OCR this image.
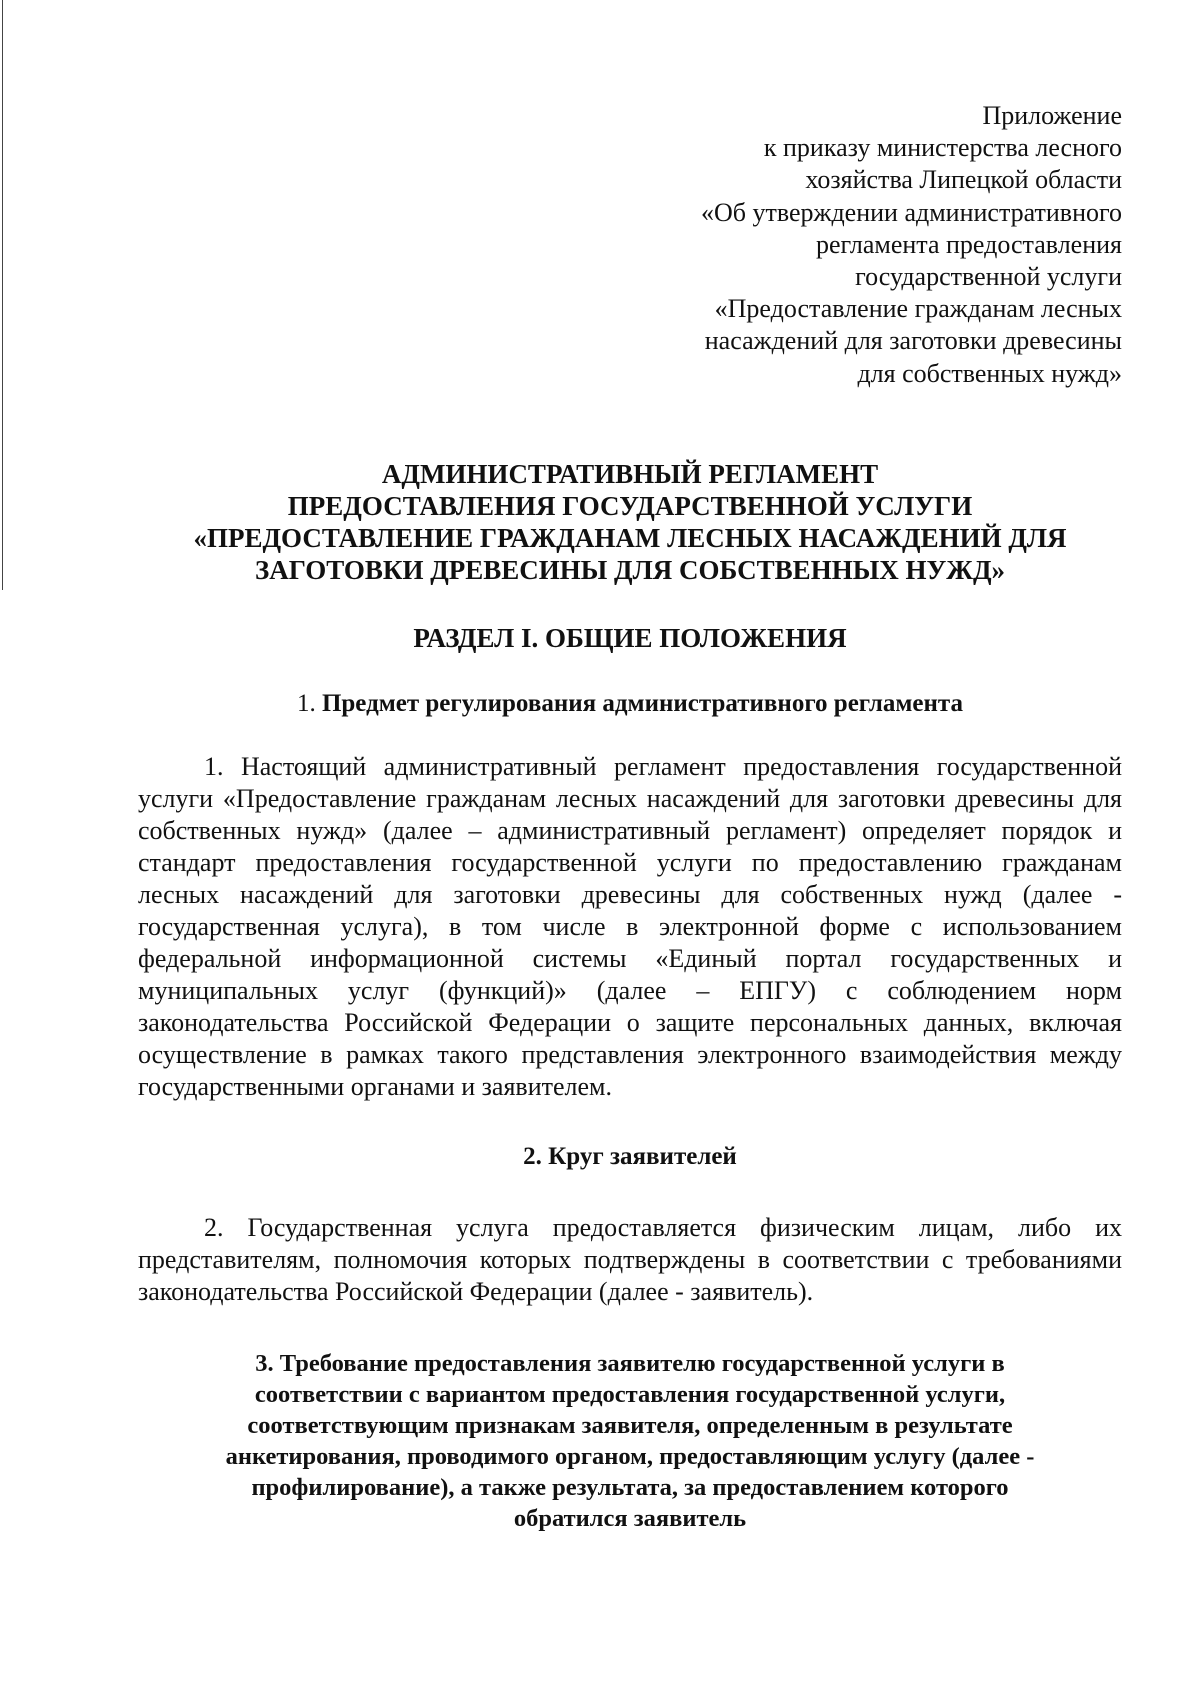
Приложение
к приказу министерства лесного
хозяйства Липецкой области
«Об утверждении административного
регламента предоставления
государственной услуги
«Предоставление гражданам лесных
насаждений для заготовки древесины
для собственных нужд»
АДМИНИСТРАТИВНЫЙ РЕГЛАМЕНТ
ПРЕДОСТАВЛЕНИЯ ГОСУДАРСТВЕННОЙ УСЛУГИ
«ПРЕДОСТАВЛЕНИЕ ГРАЖДАНАМ ЛЕСНЫХ НАСАЖДЕНИЙ ДЛЯ
ЗАГОТОВКИ ДРЕВЕСИНЫ ДЛЯ СОБСТВЕННЫХ НУЖД»
РАЗДЕЛ I. ОБЩИЕ ПОЛОЖЕНИЯ
1. Предмет регулирования административного регламента

1. Настоящий административный регламент предоставления государственной услуги «Предоставление гражданам лесных насаждений для заготовки древесины для собственных нужд» (далее – административный регламент) определяет порядок и стандарт предоставления государственной услуги по предоставлению гражданам лесных насаждений для заготовки древесины для собственных нужд (далее - государственная услуга), в том числе в электронной форме с использованием федеральной информационной системы «Единый портал государственных и муниципальных услуг (функций)» (далее – ЕПГУ) с соблюдением норм законодательства Российской Федерации о защите персональных данных, включая осуществление в рамках такого представления электронного взаимодействия между государственными органами и заявителем.

2. Круг заявителей

2. Государственная услуга предоставляется физическим лицам, либо их представителям, полномочия которых подтверждены в соответствии с требованиями законодательства Российской Федерации (далее - заявитель).

3. Требование предоставления заявителю государственной услуги в
соответствии с вариантом предоставления государственной услуги,
соответствующим признакам заявителя, определенным в результате
анкетирования, проводимого органом, предоставляющим услугу (далее -
профилирование), а также результата, за предоставлением которого
обратился заявитель
